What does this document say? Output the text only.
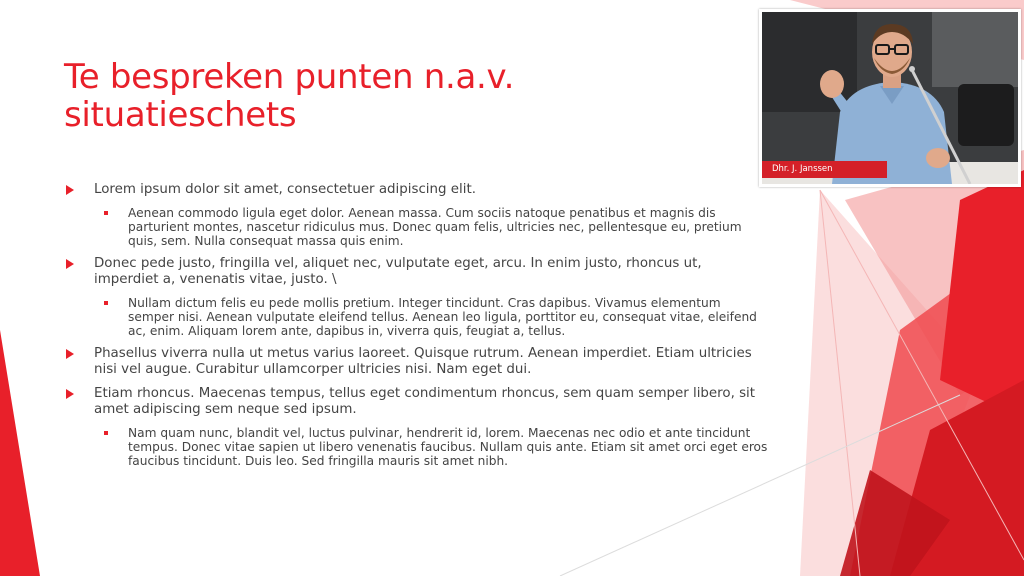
Te bespreken punten n.a.v. situatieschets
Lorem ipsum dolor sit amet, consectetuer adipiscing elit.
Aenean commodo ligula eget dolor. Aenean massa. Cum sociis natoque penatibus et magnis dis parturient montes, nascetur ridiculus mus. Donec quam felis, ultricies nec, pellentesque eu, pretium quis, sem. Nulla consequat massa quis enim.
Donec pede justo, fringilla vel, aliquet nec, vulputate eget, arcu. In enim justo, rhoncus ut, imperdiet a, venenatis vitae, justo. \
Nullam dictum felis eu pede mollis pretium. Integer tincidunt. Cras dapibus. Vivamus elementum semper nisi. Aenean vulputate eleifend tellus. Aenean leo ligula, porttitor eu, consequat vitae, eleifend ac, enim. Aliquam lorem ante, dapibus in, viverra quis, feugiat a, tellus.
Phasellus viverra nulla ut metus varius laoreet. Quisque rutrum. Aenean imperdiet. Etiam ultricies nisi vel augue. Curabitur ullamcorper ultricies nisi. Nam eget dui.
Etiam rhoncus. Maecenas tempus, tellus eget condimentum rhoncus, sem quam semper libero, sit amet adipiscing sem neque sed ipsum.
Nam quam nunc, blandit vel, luctus pulvinar, hendrerit id, lorem. Maecenas nec odio et ante tincidunt tempus. Donec vitae sapien ut libero venenatis faucibus. Nullam quis ante. Etiam sit amet orci eget eros faucibus tincidunt. Duis leo. Sed fringilla mauris sit amet nibh.
Dhr. J. Janssen
